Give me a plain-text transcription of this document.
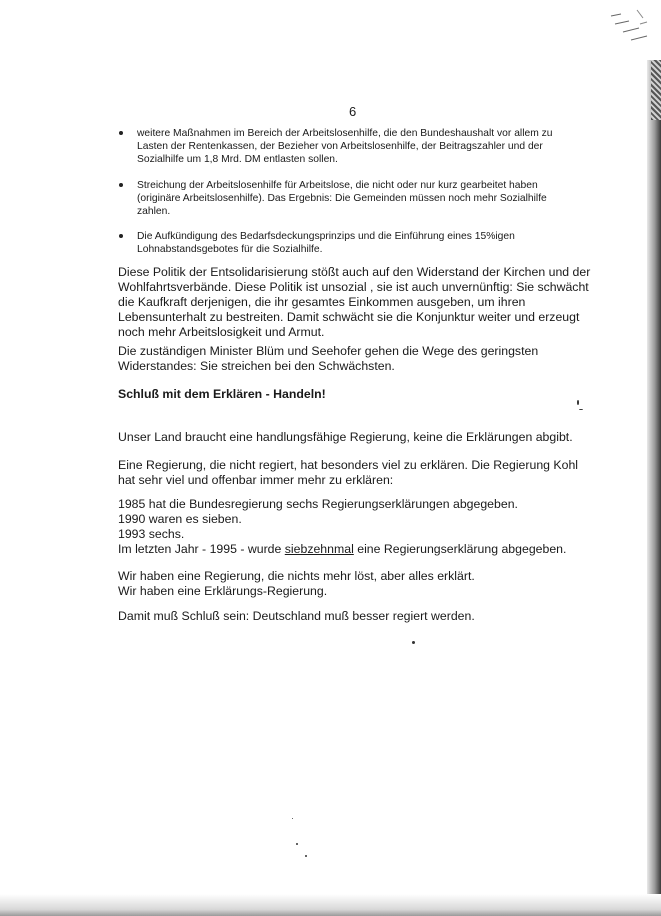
6
weitere Maßnahmen im Bereich der Arbeitslosenhilfe, die den Bundeshaushalt vor allem zu
Lasten der Rentenkassen, der Bezieher von Arbeitslosenhilfe, der Beitragszahler und der
Sozialhilfe um 1,8 Mrd. DM entlasten sollen.
Streichung der Arbeitslosenhilfe für Arbeitslose, die nicht oder nur kurz gearbeitet haben
(originäre Arbeitslosenhilfe). Das Ergebnis: Die Gemeinden müssen noch mehr Sozialhilfe
zahlen.
Die Aufkündigung des Bedarfsdeckungsprinzips und die Einführung eines 15%igen
Lohnabstandsgebotes für die Sozialhilfe.
Diese Politik der Entsolidarisierung stößt auch auf den Widerstand der Kirchen und der
Wohlfahrtsverbände. Diese Politik ist unsozial , sie ist auch unvernünftig: Sie schwächt
die Kaufkraft derjenigen, die ihr gesamtes Einkommen ausgeben, um ihren
Lebensunterhalt zu bestreiten. Damit schwächt sie die Konjunktur weiter und erzeugt
noch mehr Arbeitslosigkeit und Armut.
Die zuständigen Minister Blüm und Seehofer gehen die Wege des geringsten
Widerstandes: Sie streichen bei den Schwächsten.
Schluß mit dem Erklären - Handeln!
Unser Land braucht eine handlungsfähige Regierung, keine die Erklärungen abgibt.
Eine Regierung, die nicht regiert, hat besonders viel zu erklären. Die Regierung Kohl
hat sehr viel und offenbar immer mehr zu erklären:
1985 hat die Bundesregierung sechs Regierungserklärungen abgegeben.
1990 waren es sieben.
1993 sechs.
Im letzten Jahr - 1995 - wurde siebzehnmal eine Regierungserklärung abgegeben.
Wir haben eine Regierung, die nichts mehr löst, aber alles erklärt.
Wir haben eine Erklärungs-Regierung.
Damit muß Schluß sein: Deutschland muß besser regiert werden.
